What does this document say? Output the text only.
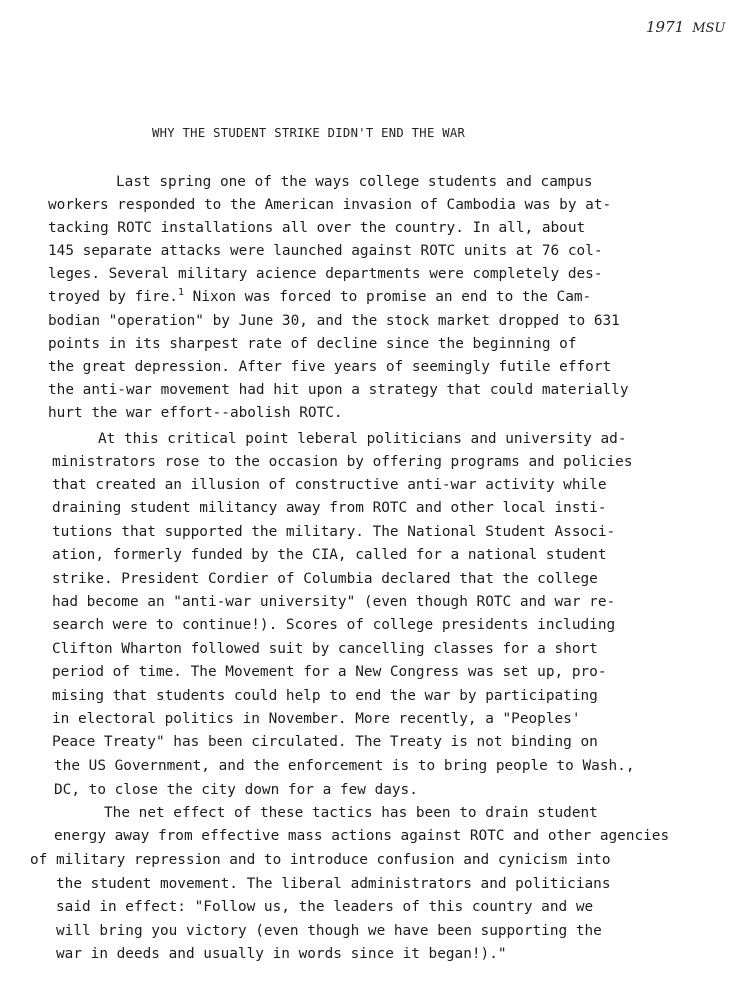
1971 MSU
WHY THE STUDENT STRIKE DIDN'T END THE WAR
Last spring one of the ways college students and campus
workers responded to the American invasion of Cambodia was by at-
tacking ROTC installations all over the country. In all, about
145 separate attacks were launched against ROTC units at 76 col-
leges. Several military acience departments were completely des-
troyed by fire.$^1$ Nixon was forced to promise an end to the Cam-
bodian "operation" by June 30, and the stock market dropped to 631
points in its sharpest rate of decline since the beginning of
the great depression. After five years of seemingly futile effort
the anti-war movement had hit upon a strategy that could materially
hurt the war effort--abolish ROTC.
At this critical point leberal politicians and university ad-
ministrators rose to the occasion by offering programs and policies
that created an illusion of constructive anti-war activity while
draining student militancy away from ROTC and other local insti-
tutions that supported the military. The National Student Associ-
ation, formerly funded by the CIA, called for a national student
strike. President Cordier of Columbia declared that the college
had become an "anti-war university" (even though ROTC and war re-
search were to continue!). Scores of college presidents including
Clifton Wharton followed suit by cancelling classes for a short
period of time. The Movement for a New Congress was set up, pro-
mising that students could help to end the war by participating
in electoral politics in November. More recently, a "Peoples'
Peace Treaty" has been circulated. The Treaty is not binding on
the US Government, and the enforcement is to bring people to Wash.,
DC, to close the city down for a few days.
The net effect of these tactics has been to drain student
energy away from effective mass actions against ROTC and other agencies
of military repression and to introduce confusion and cynicism into
the student movement. The liberal administrators and politicians
said in effect: "Follow us, the leaders of this country and we
will bring you victory (even though we have been supporting the
war in deeds and usually in words since it began!)."
